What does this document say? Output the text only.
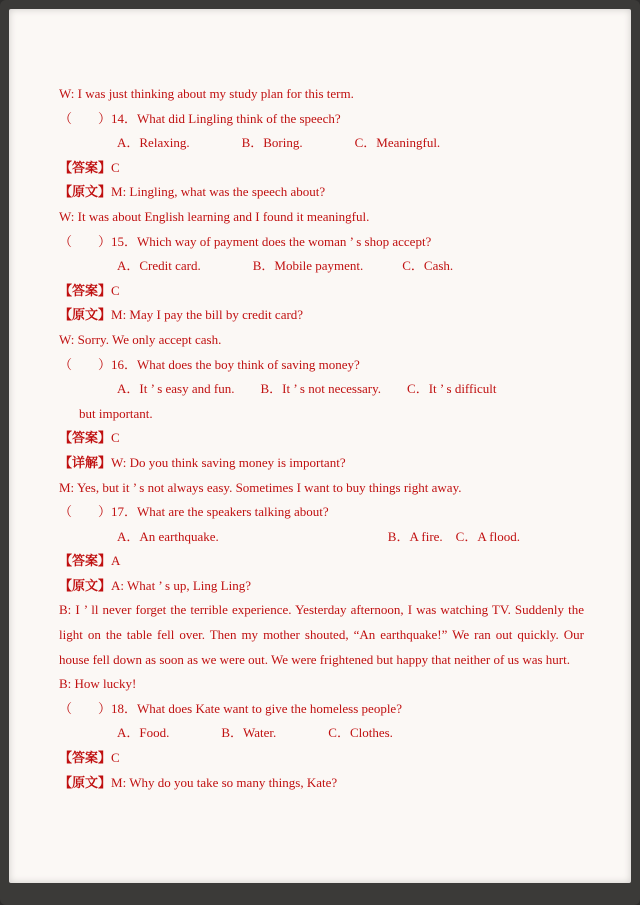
W: I was just thinking about my study plan for this term.
（　　）14．What did Lingling think of the speech?
A．Relaxing.　　　　B．Boring.　　　　C．Meaningful.
【答案】C
【原文】M: Lingling, what was the speech about?
W: It was about English learning and I found it meaningful.
（　　）15．Which way of payment does the woman ’ s shop accept?
A．Credit card.　　　　B．Mobile payment.　　　C．Cash.
【答案】C
【原文】M: May I pay the bill by credit card?
W: Sorry. We only accept cash.
（　　）16．What does the boy think of saving money?
A．It ’ s easy and fun.　　B．It ’ s not necessary.　　C．It ’ s difficult
but important.
【答案】C
【详解】W: Do you think saving money is important?
M: Yes, but it ’ s not always easy. Sometimes I want to buy things right away.
（　　）17．What are the speakers talking about?
A．An earthquake.　　　　　　　　　　　　　B．A fire.　C．A flood.
【答案】A
【原文】A: What ’ s up, Ling Ling?
B: I ’ ll never forget the terrible experience. Yesterday afternoon, I was watching TV. Suddenly the light on the table fell over. Then my mother shouted, “An earthquake!” We ran out quickly. Our house fell down as soon as we were out. We were frightened but happy that neither of us was hurt.
B: How lucky!
（　　）18．What does Kate want to give the homeless people?
A．Food.　　　　B．Water.　　　　C．Clothes.
【答案】C
【原文】M: Why do you take so many things, Kate?
